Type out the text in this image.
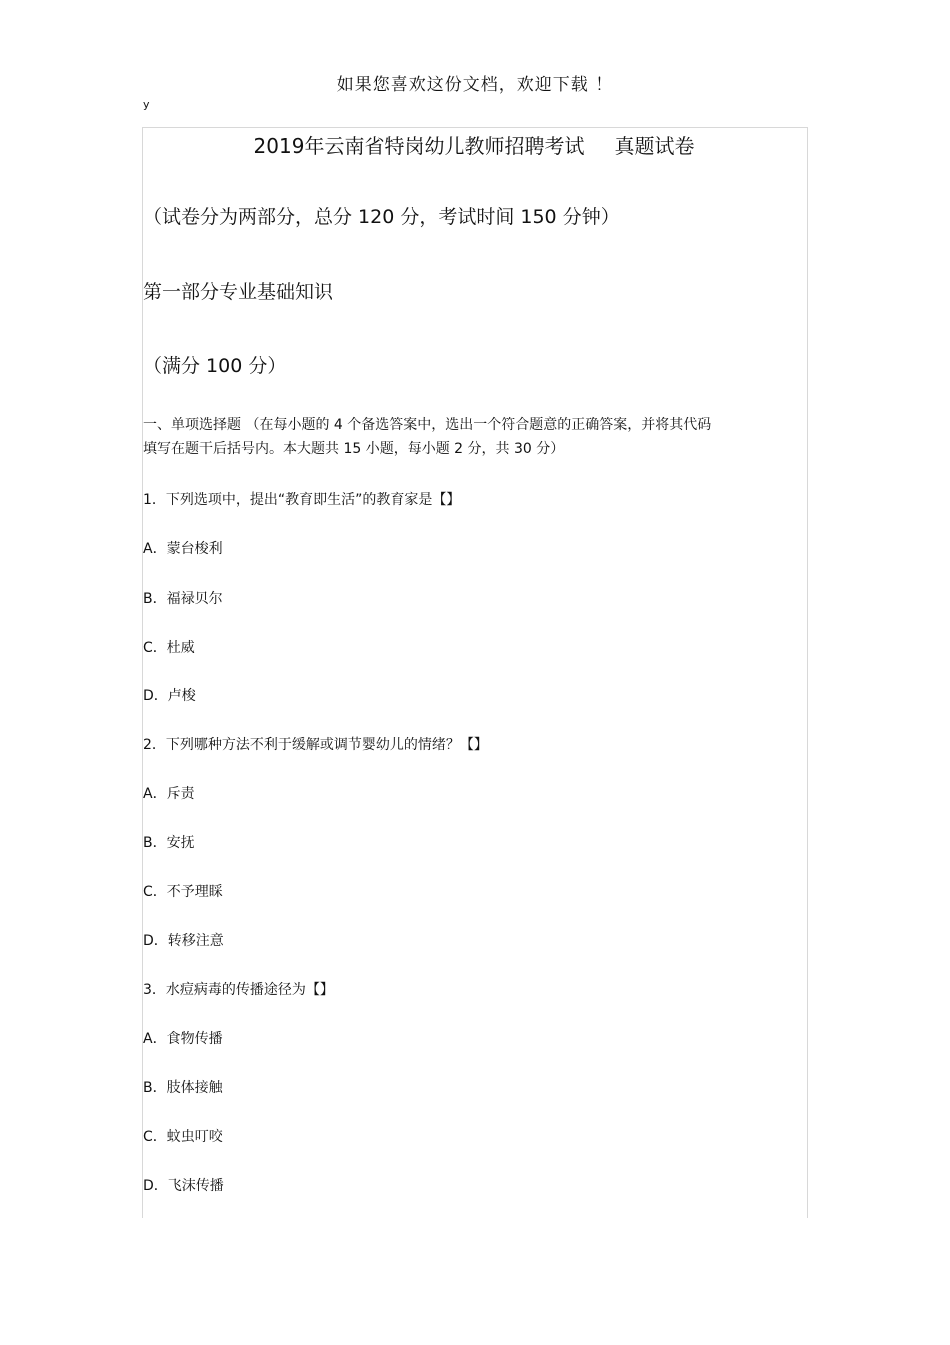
如果您喜欢这份文档，欢迎下载 ！
y
2019年云南省特岗幼儿教师招聘考试 真题试卷
（试卷分为两部分，总分 120 分，考试时间 150 分钟）
第一部分专业基础知识
（满分 100 分）
一、单项选择题 （在每小题的 4 个备选答案中，选出一个符合题意的正确答案，并将其代码
填写在题干后括号内。本大题共 15 小题，每小题 2 分，共 30 分）
1．下列选项中，提出“教育即生活”的教育家是【】
A．蒙台梭利
B．福禄贝尔
C．杜威
D．卢梭
2．下列哪种方法不利于缓解或调节婴幼儿的情绪？【】
A．斥责
B．安抚
C．不予理睬
D．转移注意
3．水痘病毒的传播途径为【】
A．食物传播
B．肢体接触
C．蚊虫叮咬
D．飞沫传播
